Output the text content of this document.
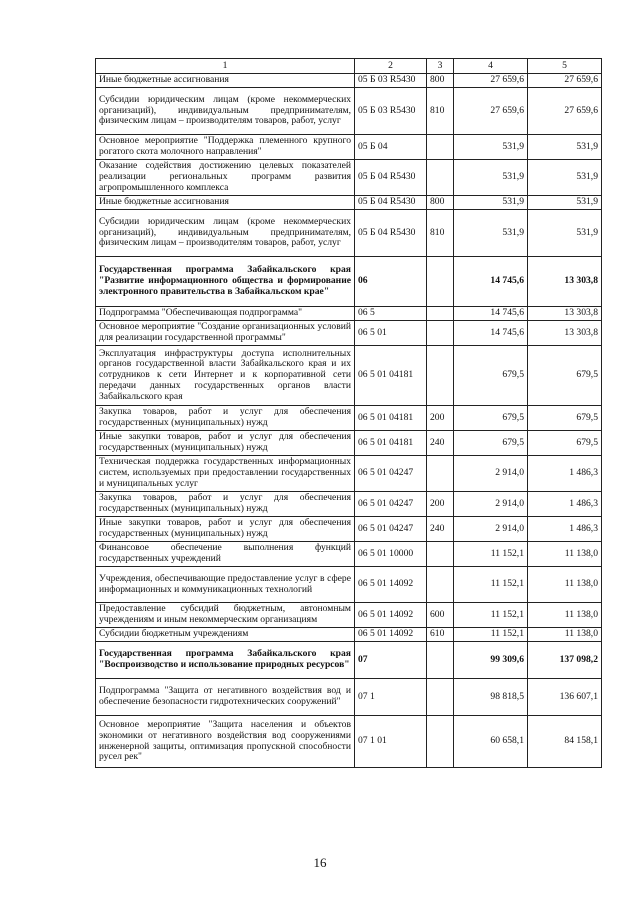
1	2	3	4	5
Иные бюджетные ассигнования	05 Б 03 R5430	800	27 659,6	27 659,6
Субсидии юридическим лицам (кроме некоммерческих организаций), индивидуальным предпринимателям, физическим лицам – производителям товаров, работ, услуг	05 Б 03 R5430	810	27 659,6	27 659,6
Основное мероприятие "Поддержка племенного крупного рогатого скота молочного направления"	05 Б 04		531,9	531,9
Оказание содействия достижению целевых показателей реализации региональных программ развития агропромышленного комплекса	05 Б 04 R5430		531,9	531,9
Иные бюджетные ассигнования	05 Б 04 R5430	800	531,9	531,9
Субсидии юридическим лицам (кроме некоммерческих организаций), индивидуальным предпринимателям, физическим лицам – производителям товаров, работ, услуг	05 Б 04 R5430	810	531,9	531,9
Государственная программа Забайкальского края "Развитие информационного общества и формирование электронного правительства в Забайкальском крае"	06		14 745,6	13 303,8
Подпрограмма "Обеспечивающая подпрограмма"	06 5		14 745,6	13 303,8
Основное мероприятие "Создание организационных условий для реализации государственной программы"	06 5 01		14 745,6	13 303,8
Эксплуатация инфраструктуры доступа исполнительных органов государственной власти Забайкальского края и их сотрудников к сети Интернет и к корпоративной сети передачи данных государственных органов власти Забайкальского края	06 5 01 04181		679,5	679,5
Закупка товаров, работ и услуг для обеспечения государственных (муниципальных) нужд	06 5 01 04181	200	679,5	679,5
Иные закупки товаров, работ и услуг для обеспечения государственных (муниципальных) нужд	06 5 01 04181	240	679,5	679,5
Техническая поддержка государственных информационных систем, используемых при предоставлении государственных и муниципальных услуг	06 5 01 04247		2 914,0	1 486,3
Закупка товаров, работ и услуг для обеспечения государственных (муниципальных) нужд	06 5 01 04247	200	2 914,0	1 486,3
Иные закупки товаров, работ и услуг для обеспечения государственных (муниципальных) нужд	06 5 01 04247	240	2 914,0	1 486,3
Финансовое обеспечение выполнения функций государственных учреждений	06 5 01 10000		11 152,1	11 138,0
Учреждения, обеспечивающие предоставление услуг в сфере информационных и коммуникационных технологий	06 5 01 14092		11 152,1	11 138,0
Предоставление субсидий бюджетным, автономным учреждениям и иным некоммерческим организациям	06 5 01 14092	600	11 152,1	11 138,0
Субсидии бюджетным учреждениям	06 5 01 14092	610	11 152,1	11 138,0
Государственная программа Забайкальского края "Воспроизводство и использование природных ресурсов"	07		99 309,6	137 098,2
Подпрограмма "Защита от негативного воздействия вод и обеспечение безопасности гидротехнических сооружений"	07 1		98 818,5	136 607,1
Основное мероприятие "Защита населения и объектов экономики от негативного воздействия вод сооружениями инженерной защиты, оптимизация пропускной способности русел рек"	07 1 01		60 658,1	84 158,1
16
